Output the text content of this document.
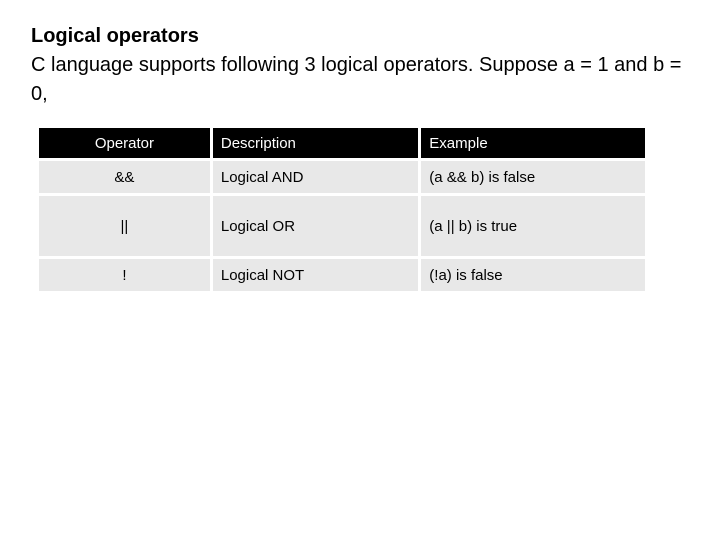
Logical operators
C language supports following 3 logical operators. Suppose a = 1 and b = 0,
Operator	Description	Example
&&	Logical AND	(a && b) is false
||	Logical OR	(a || b) is true
!	Logical NOT	(!a) is false
